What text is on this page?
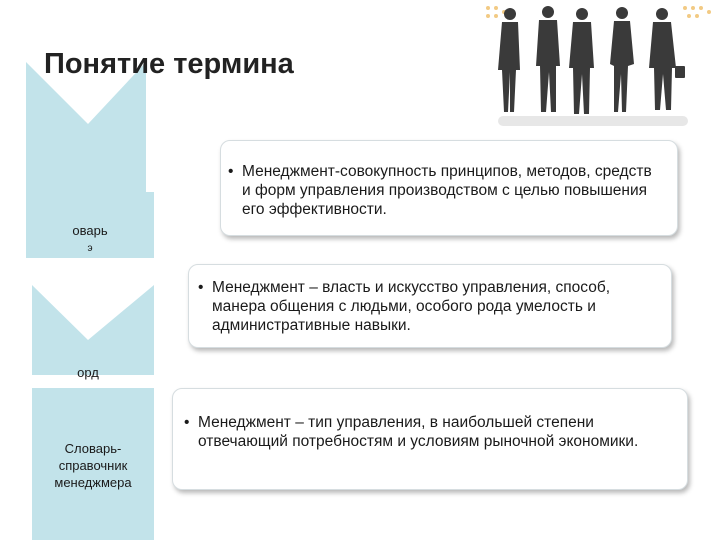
Понятие термина
оварь
э
орд
Словарь-справочник менеджмера
• Менеджмент-совокупность принципов, методов, средств и форм управления производством с целью повышения его эффективности.
• Менеджмент – власть и искусство управления, способ, манера общения с людьми, особого рода умелость и административные навыки.
• Менеджмент – тип управления, в наибольшей степени отвечающий потребностям и условиям рыночной экономики.
